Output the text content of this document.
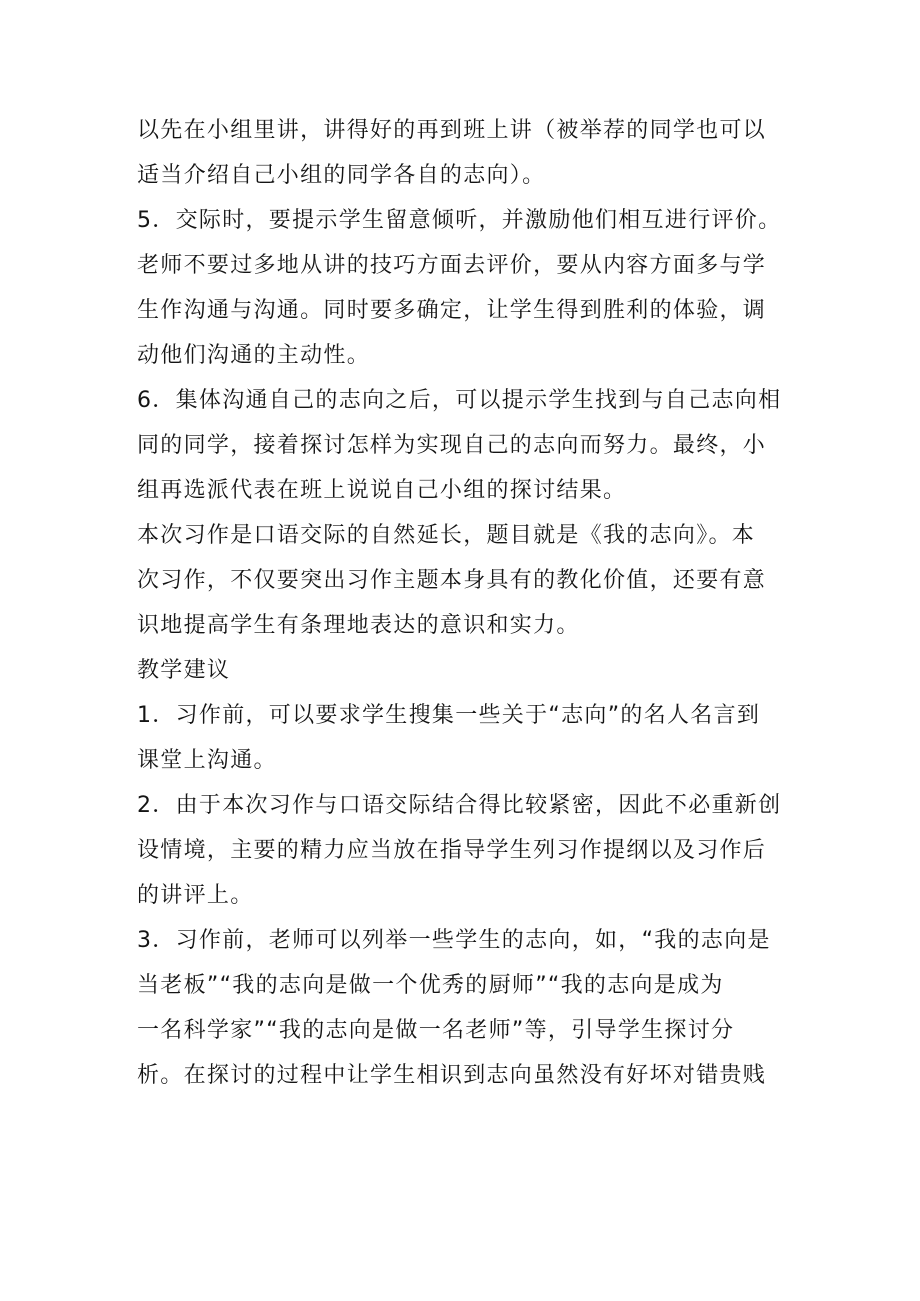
以先在小组里讲，讲得好的再到班上讲（被举荐的同学也可以
适当介绍自己小组的同学各自的志向）。
5．交际时，要提示学生留意倾听，并激励他们相互进行评价。
老师不要过多地从讲的技巧方面去评价，要从内容方面多与学
生作沟通与沟通。同时要多确定，让学生得到胜利的体验，调
动他们沟通的主动性。
6．集体沟通自己的志向之后，可以提示学生找到与自己志向相
同的同学，接着探讨怎样为实现自己的志向而努力。最终，小
组再选派代表在班上说说自己小组的探讨结果。
本次习作是口语交际的自然延长，题目就是《我的志向》。本
次习作，不仅要突出习作主题本身具有的教化价值，还要有意
识地提高学生有条理地表达的意识和实力。
教学建议
1．习作前，可以要求学生搜集一些关于“志向”的名人名言到
课堂上沟通。
2．由于本次习作与口语交际结合得比较紧密，因此不必重新创
设情境，主要的精力应当放在指导学生列习作提纲以及习作后
的讲评上。
3．习作前，老师可以列举一些学生的志向，如，“我的志向是
当老板”“我的志向是做一个优秀的厨师”“我的志向是成为
一名科学家”“我的志向是做一名老师”等，引导学生探讨分
析。在探讨的过程中让学生相识到志向虽然没有好坏对错贵贱
